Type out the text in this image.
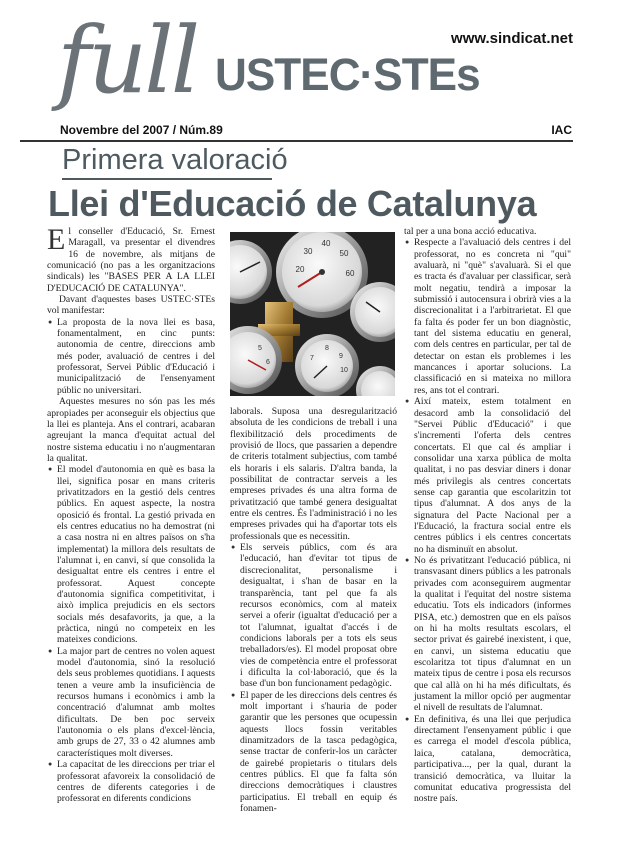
full USTEC·STEs
www.sindicat.net
Novembre del 2007 / Núm.89	IAC
Primera valoració
Llei d'Educació de Catalunya

El conseller d'Educació, Sr. Ernest Maragall, va presentar el divendres 16 de novembre, als mitjans de comunicació (no pas a les organitzacions sindicals) les "BASES PER A LA LLEI D'EDUCACIÓ DE CATALUNYA".

Davant d'aquestes bases USTEC·STEs vol manifestar:

● La proposta de la nova llei es basa, fonamentalment, en cinc punts: autonomia de centre, direccions amb més poder, avaluació de centres i del professorat, Servei Públic d'Educació i municipalització de l'ensenyament públic no universitari.

Aquestes mesures no són pas les més apropiades per aconseguir els objectius que la llei es planteja. Ans el contrari, acabaran agreujant la manca d'equitat actual del nostre sistema educatiu i no n'augmentaran la qualitat.

● El model d'autonomia en què es basa la llei, significa posar en mans criteris privatitzadors en la gestió dels centres públics. En aquest aspecte, la nostra oposició és frontal. La gestió privada en els centres educatius no ha demostrat (ni a casa nostra ni en altres països on s'ha implementat) la millora dels resultats de l'alumnat i, en canvi, sí que consolida la desigualtat entre els centres i entre el professorat. Aquest concepte d'autonomia significa competitivitat, i això implica prejudicis en els sectors socials més desafavorits, ja que, a la pràctica, ningú no competeix en les mateixes condicions.

● La major part de centres no volen aquest model d'autonomia, sinó la resolució dels seus problemes quotidians. I aquests tenen a veure amb la insuficiència de recursos humans i econòmics i amb la concentració d'alumnat amb moltes dificultats. De ben poc serveix l'autonomia o els plans d'excel·lència, amb grups de 27, 33 o 42 alumnes amb característiques molt diverses.

● La capacitat de les direccions per triar el professorat afavoreix la consolidació de centres de diferents categories i de professorat en diferents condicions

20
30
40
50
60
5
6
7
8
9
10

laborals. Suposa una desregularització absoluta de les condicions de treball i una flexibilització dels procediments de provisió de llocs, que passarien a dependre de criteris totalment subjectius, com també els horaris i els salaris. D'altra banda, la possibilitat de contractar serveis a les empreses privades és una altra forma de privatització que també genera desigualtat entre els centres. És l'administració i no les empreses privades qui ha d'aportar tots els professionals que es necessitin.

● Els serveis públics, com és ara l'educació, han d'evitar tot tipus de discrecionalitat, personalisme i desigualtat, i s'han de basar en la transparència, tant pel que fa als recursos econòmics, com al mateix servei a oferir (igualtat d'educació per a tot l'alumnat, igualtat d'accés i de condicions laborals per a tots els seus treballadors/es). El model proposat obre vies de competència entre el professorat i dificulta la col·laboració, que és la base d'un bon funcionament pedagògic.

● El paper de les direccions dels centres és molt important i s'hauria de poder garantir que les persones que ocupessin aquests llocs fossin veritables dinamitzadors de la tasca pedagògica, sense tractar de conferir-los un caràcter de gairebé propietaris o titulars dels centres públics. El que fa falta són direccions democràtiques i claustres participatius. El treball en equip és fonamen-

tal per a una bona acció educativa.

● Respecte a l'avaluació dels centres i del professorat, no es concreta ni "qui" avaluarà, ni "què" s'avaluarà. Si el que es tracta és d'avaluar per classificar, serà molt negatiu, tendirà a imposar la submissió i autocensura i obrirà vies a la discrecionalitat i a l'arbitrarietat. El que fa falta és poder fer un bon diagnòstic, tant del sistema educatiu en general, com dels centres en particular, per tal de detectar on estan els problemes i les mancances i aportar solucions. La classificació en si mateixa no millora res, ans tot el contrari.

● Així mateix, estem totalment en desacord amb la consolidació del "Servei Públic d'Educació" i que s'incrementi l'oferta dels centres concertats. El que cal és ampliar i consolidar una xarxa pública de molta qualitat, i no pas desviar diners i donar més privilegis als centres concertats sense cap garantia que escolaritzin tot tipus d'alumnat. A dos anys de la signatura del Pacte Nacional per a l'Educació, la fractura social entre els centres públics i els centres concertats no ha disminuït en absolut.

● No és privatitzant l'educació pública, ni transvasant diners públics a les patronals privades com aconseguirem augmentar la qualitat i l'equitat del nostre sistema educatiu. Tots els indicadors (informes PISA, etc.) demostren que en els països on hi ha molts resultats escolars, el sector privat és gairebé inexistent, i que, en canvi, un sistema educatiu que escolaritza tot tipus d'alumnat en un mateix tipus de centre i posa els recursos que cal allà on hi ha més dificultats, és justament la millor opció per augmentar el nivell de resultats de l'alumnat.

● En definitiva, és una llei que perjudica directament l'ensenyament públic i que es carrega el model d'escola pública, laica, catalana, democràtica, participativa..., per la qual, durant la transició democràtica, va lluitar la comunitat educativa progressista del nostre país.
